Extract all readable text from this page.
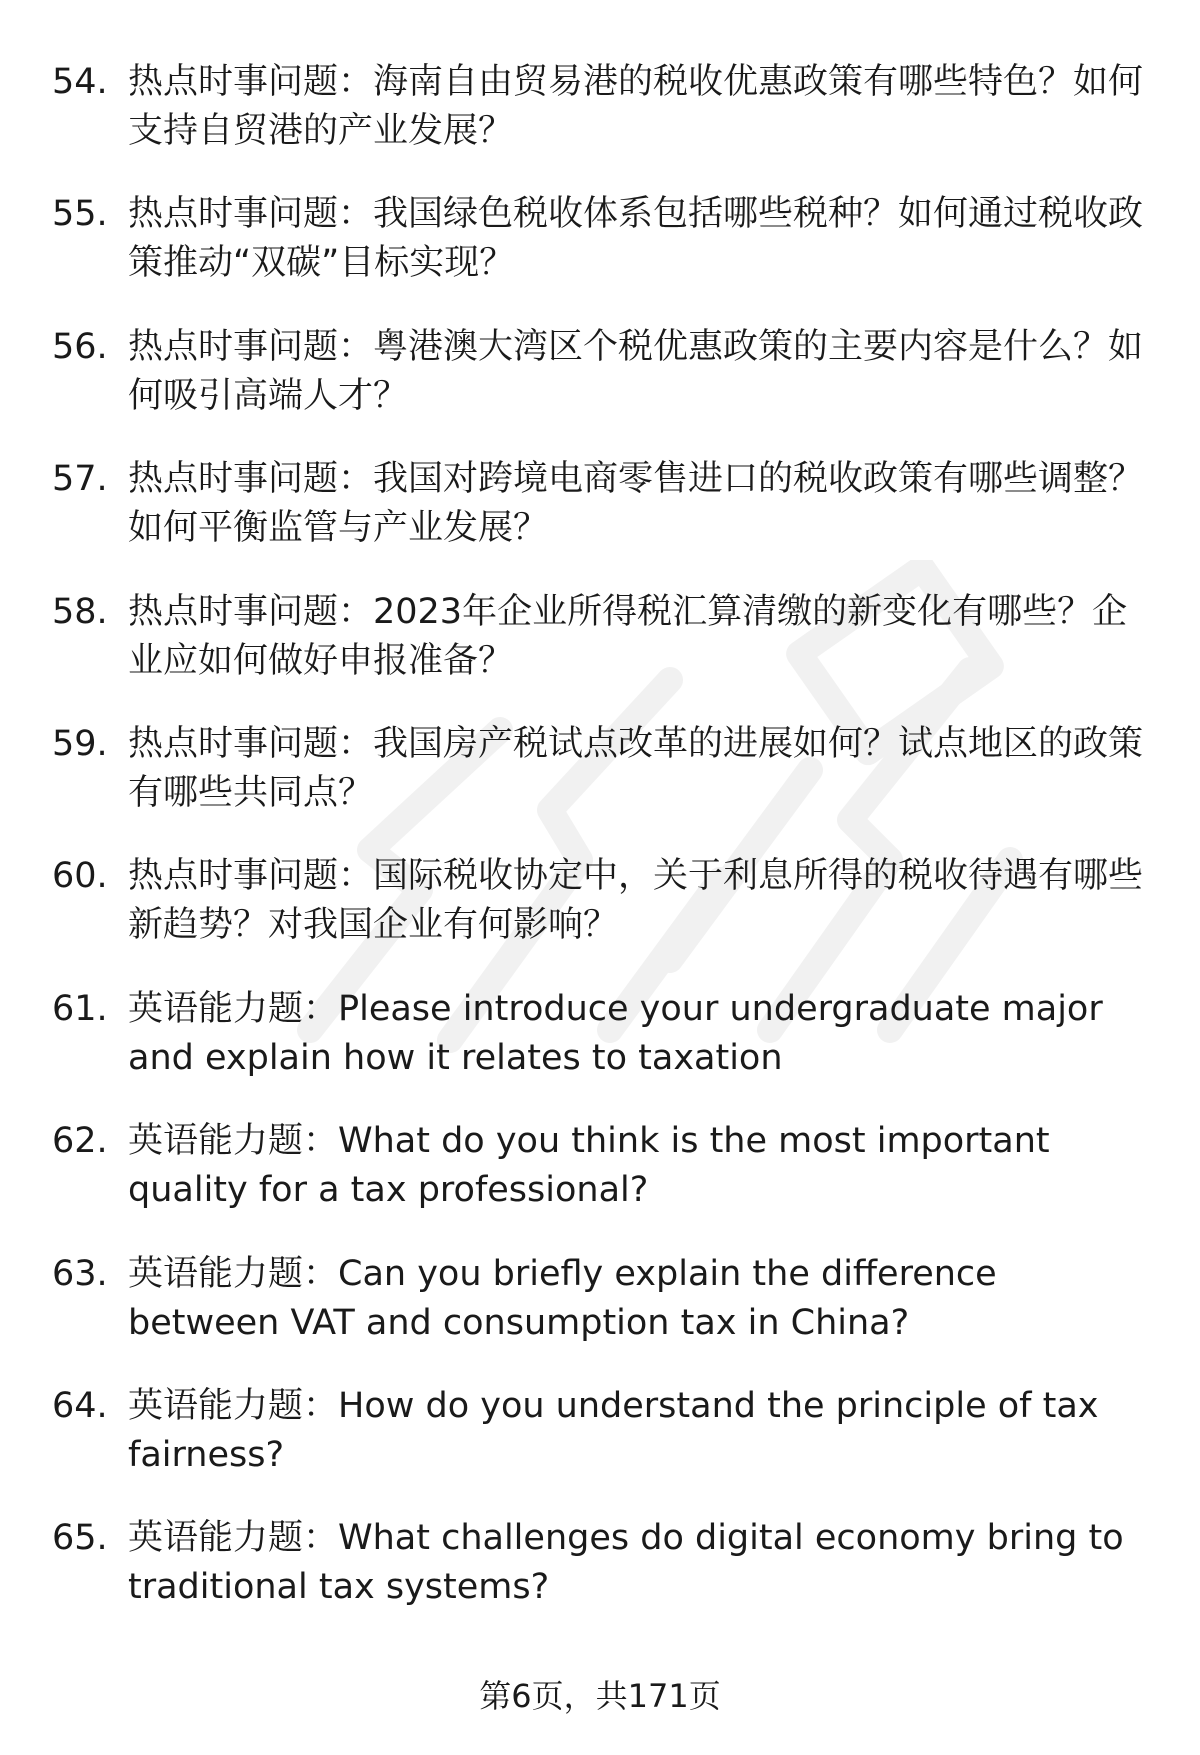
54. 热点时事问题：海南自由贸易港的税收优惠政策有哪些特色？如何支持自贸港的产业发展？
55. 热点时事问题：我国绿色税收体系包括哪些税种？如何通过税收政策推动“双碳”目标实现？
56. 热点时事问题：粤港澳大湾区个税优惠政策的主要内容是什么？如何吸引高端人才？
57. 热点时事问题：我国对跨境电商零售进口的税收政策有哪些调整？如何平衡监管与产业发展？
58. 热点时事问题：2023年企业所得税汇算清缴的新变化有哪些？企业应如何做好申报准备？
59. 热点时事问题：我国房产税试点改革的进展如何？试点地区的政策有哪些共同点？
60. 热点时事问题：国际税收协定中，关于利息所得的税收待遇有哪些新趋势？对我国企业有何影响？
61. 英语能力题：Please introduce your undergraduate major and explain how it relates to taxation
62. 英语能力题：What do you think is the most important quality for a tax professional?
63. 英语能力题：Can you briefly explain the difference between VAT and consumption tax in China?
64. 英语能力题：How do you understand the principle of tax fairness?
65. 英语能力题：What challenges do digital economy bring to traditional tax systems?
第6页，共171页
